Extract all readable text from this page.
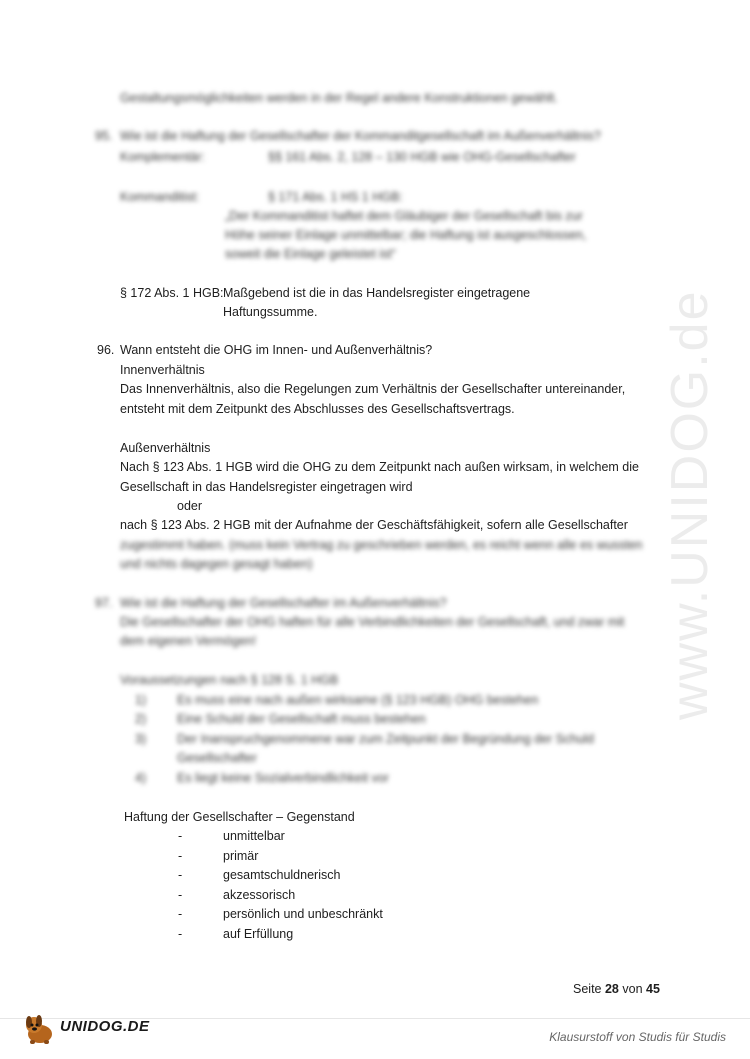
www.UNIDOG.de
Gestaltungsmöglichkeiten werden in der Regel andere Konstruktionen gewählt.
95. Wie ist die Haftung der Gesellschafter der Kommanditgesellschaft im Außenverhältnis?
Komplementär:	§§ 161 Abs. 2, 128 – 130 HGB wie OHG-Gesellschafter
Kommanditist:	§ 171 Abs. 1 HS 1 HGB:
„Der Kommanditist haftet dem Gläubiger der Gesellschaft bis zur
Höhe seiner Einlage unmittelbar; die Haftung ist ausgeschlossen,
soweit die Einlage geleistet ist“
§ 172 Abs. 1 HGB: Maßgebend ist die in das Handelsregister eingetragene
Haftungssumme.
96. Wann entsteht die OHG im Innen- und Außenverhältnis?
Innenverhältnis
Das Innenverhältnis, also die Regelungen zum Verhältnis der Gesellschafter untereinander,
entsteht mit dem Zeitpunkt des Abschlusses des Gesellschaftsvertrags.
Außenverhältnis
Nach § 123 Abs. 1 HGB wird die OHG zu dem Zeitpunkt nach außen wirksam, in welchem die
Gesellschaft in das Handelsregister eingetragen wird
oder
nach § 123 Abs. 2 HGB mit der Aufnahme der Geschäftsfähigkeit, sofern alle Gesellschafter
zugestimmt haben. (muss kein Vertrag zu geschrieben werden, es reicht wenn alle es wussten
und nichts dagegen gesagt haben)
97. Wie ist die Haftung der Gesellschafter im Außenverhältnis?
Die Gesellschafter der OHG haften für alle Verbindlichkeiten der Gesellschaft, und zwar mit
dem eigenen Vermögen!
Voraussetzungen nach § 128 S. 1 HGB
1) Es muss eine nach außen wirksame (§ 123 HGB) OHG bestehen
2) Eine Schuld der Gesellschaft muss bestehen
3) Der Inanspruchgenommene war zum Zeitpunkt der Begründung der Schuld
Gesellschafter
4) Es liegt keine Sozialverbindlichkeit vor
Haftung der Gesellschafter – Gegenstand
-	unmittelbar
-	primär
-	gesamtschuldnerisch
-	akzessorisch
-	persönlich und unbeschränkt
-	auf Erfüllung
Seite 28 von 45
UNIDOG.DE
Klausurstoff von Studis für Studis
